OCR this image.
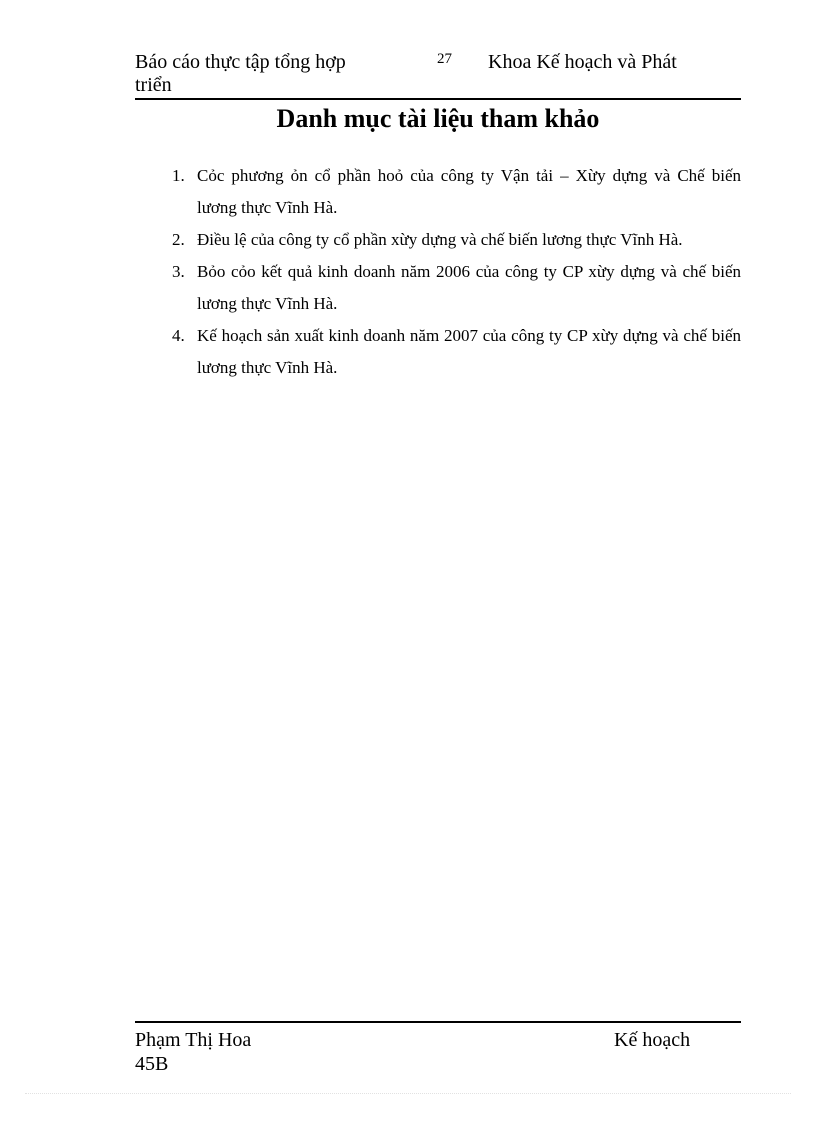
Báo cáo thực tập tổng hợp	27 Khoa Kế hoạch và Phát
triển
Danh mục tài liệu tham khảo
1. Cỏc phương ỏn cổ phần hoỏ của công ty Vận tải – Xừy dựng và Chế biến lương thực Vĩnh Hà.
2. Điều lệ của công ty cổ phần xừy dựng và chế biến lương thực Vĩnh Hà.
3. Bỏo cỏo kết quả kinh doanh năm 2006 của công ty CP xừy dựng và chế biến lương thực Vĩnh Hà.
4. Kế hoạch sản xuất kinh doanh năm 2007 của công ty CP xừy dựng và chế biến lương thực Vĩnh Hà.
Phạm Thị Hoa	Kế hoạch
45B
